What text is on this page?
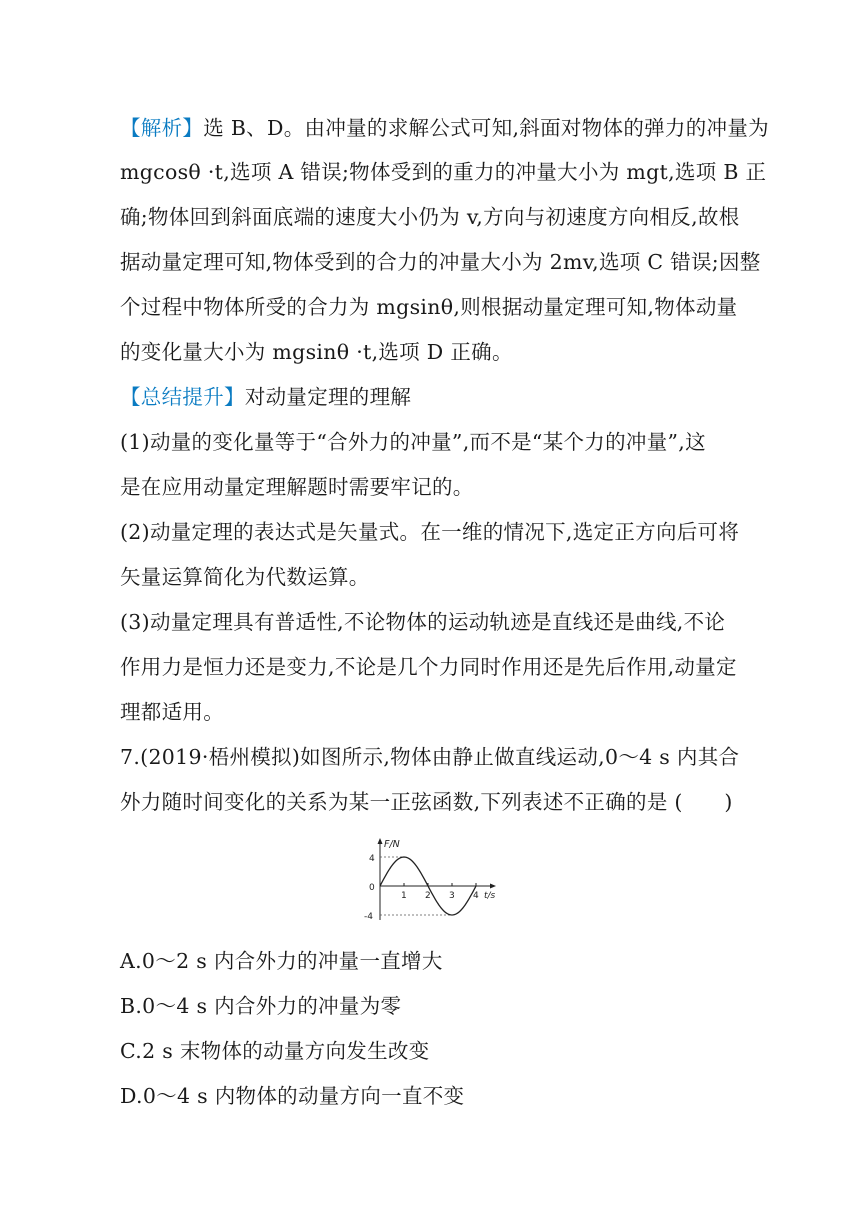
【解析】选 B、D。由冲量的求解公式可知,斜面对物体的弹力的冲量为
mgcosθ ·t,选项 A 错误;物体受到的重力的冲量大小为 mgt,选项 B 正
确;物体回到斜面底端的速度大小仍为 v,方向与初速度方向相反,故根
据动量定理可知,物体受到的合力的冲量大小为 2mv,选项 C 错误;因整
个过程中物体所受的合力为 mgsinθ,则根据动量定理可知,物体动量
的变化量大小为 mgsinθ ·t,选项 D 正确。
【总结提升】对动量定理的理解
(1)动量的变化量等于“合外力的冲量”,而不是“某个力的冲量”,这
是在应用动量定理解题时需要牢记的。
(2)动量定理的表达式是矢量式。在一维的情况下,选定正方向后可将
矢量运算简化为代数运算。
(3)动量定理具有普适性,不论物体的运动轨迹是直线还是曲线,不论
作用力是恒力还是变力,不论是几个力同时作用还是先后作用,动量定
理都适用。
7.(2019·梧州模拟)如图所示,物体由静止做直线运动,0～4 s 内其合
外力随时间变化的关系为某一正弦函数,下列表述不正确的是 (　　)
F/N
4
0
-4
1 2 3 4 t/s
A.0～2 s 内合外力的冲量一直增大
B.0～4 s 内合外力的冲量为零
C.2 s 末物体的动量方向发生改变
D.0～4 s 内物体的动量方向一直不变
